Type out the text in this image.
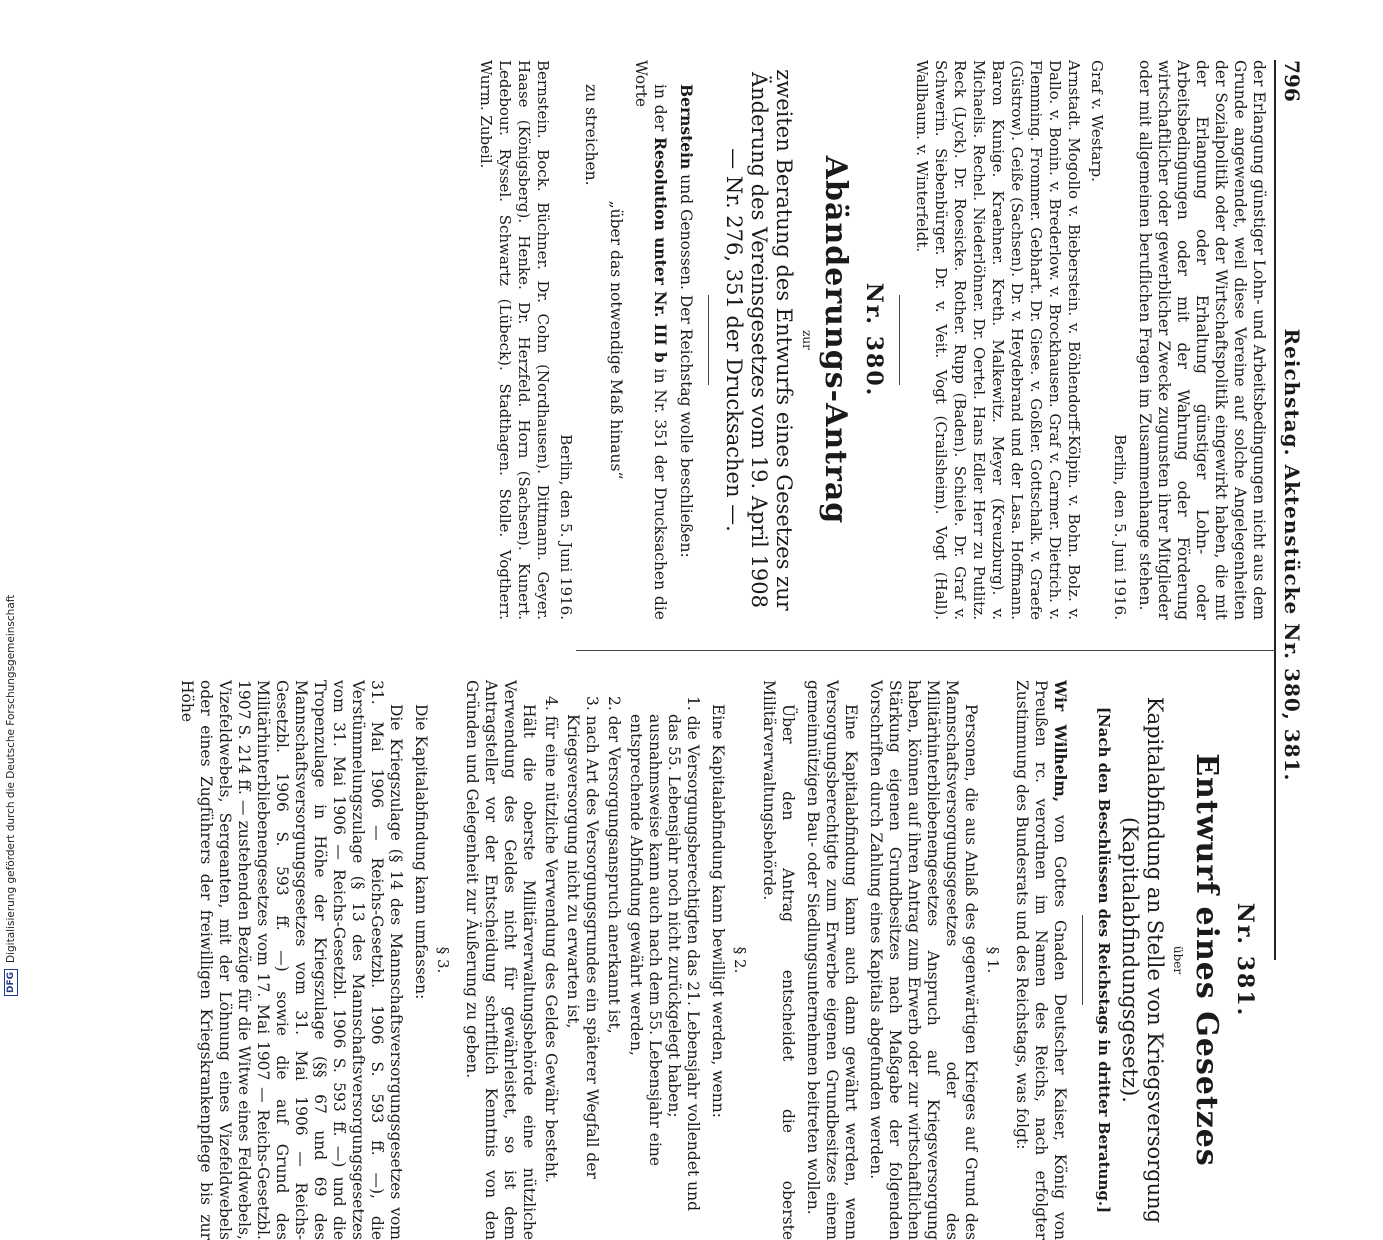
DFG
Digitalisierung gefördert durch die Deutsche Forschungsgemeinschaft
796
Reichstag. Aktenstücke Nr. 380, 381.

der Erlangung günstiger Lohn- und Arbeitsbedingungen nicht aus dem Grunde angewendet, weil diese Vereine auf solche Angelegenheiten der Sozialpolitik oder der Wirtschaftspolitik eingewirkt haben, die mit der Erlangung oder Erhaltung günstiger Lohn- oder Arbeitsbedingungen oder mit der Wahrung oder Förderung wirtschaftlicher oder gewerblicher Zwecke zugunsten ihrer Mitglieder oder mit allgemeinen beruflichen Fragen im Zusammenhange stehen.

Berlin, den 5. Juni 1916.

Graf v. Westarp.

Arnstadt. Mogollo v. Bieberstein. v. Böhlendorff-Kölpin. v. Bohn. Bolz. v. Dallo. v. Bonin. v. Brederlow. v. Brockhausen. Graf v. Carmer. Dietrich. v. Flemming. Frommer. Gebhart. Dr. Giese. v. Goßler. Gottschalk. v. Graefe (Güstrow). Geiße (Sachsen). Dr. v. Heydebrand und der Lasa. Hoffmann. Baron Kunige. Kraehner. Kreth. Malkewitz. Meyer (Kreuzburg). v. Michaelis. Rechel. Niederlöhner. Dr. Oertel. Hans Edler Herr zu Putlitz. Reck (Lyck). Dr. Roesicke. Rother. Rupp (Baden). Schiele. Dr. Graf v. Schwerin. Siebenbürger. Dr. v. Veit. Vogt (Crailsheim). Vogt (Hall). Wallbaum. v. Winterfeldt.

Nr. 380.
Abänderungs-Antrag
zur
zweiten Beratung des Entwurfs eines Gesetzes zur Änderung des Vereinsgesetzes vom 19. April 1908 — Nr. 276, 351 der Drucksachen —.

Bernstein und Genossen. Der Reichstag wolle beschließen:

in der Resolution unter Nr. III b in Nr. 351 der Drucksachen die Worte

„über das notwendige Maß hinaus“

zu streichen.

Berlin, den 5. Juni 1916.

Bernstein. Bock. Büchner. Dr. Cohn (Nordhausen). Dittmann. Geyer. Haase (Königsberg). Henke. Dr. Herzfeld. Horn (Sachsen). Kunert. Ledebour. Ryssel. Schwartz (Lübeck). Stadthagen. Stolle. Vogtherr. Wurm. Zubeil.

Nr. 381.
Entwurf eines Gesetzes
über
Kapitalabfindung an Stelle von Kriegsversorgung (Kapitalabfindungsgesetz).
[Nach den Beschlüssen des Reichstags in dritter Beratung.]

Wir Wilhelm, von Gottes Gnaden Deutscher Kaiser, König von Preußen rc. verordnen im Namen des Reichs, nach erfolgter Zustimmung des Bundesrats und des Reichstags, was folgt:

§ 1.

Personen, die aus Anlaß des gegenwärtigen Krieges auf Grund des Mannschaftsversorgungsgesetzes oder des Militärhinterbliebenengesetzes Anspruch auf Kriegsversorgung haben, können auf ihren Antrag zum Erwerb oder zur wirtschaftlichen Stärkung eigenen Grundbesitzes nach Maßgabe der folgenden Vorschriften durch Zahlung eines Kapitals abgefunden werden.

Eine Kapitalabfindung kann auch dann gewährt werden, wenn Versorgungsberechtigte zum Erwerbe eigenen Grundbesitzes einem gemeinnützigen Bau- oder Siedlungsunternehmen beitreten wollen.

Über den Antrag entscheidet die oberste Militärverwaltungsbehörde.

§ 2.

Eine Kapitalabfindung kann bewilligt werden, wenn:

1. die Versorgungsberechtigten das 21. Lebensjahr vollendet und das 55. Lebensjahr noch nicht zurückgelegt haben; ausnahmsweise kann auch nach dem 55. Lebensjahr eine entsprechende Abfindung gewährt werden,

2. der Versorgungsanspruch anerkannt ist,

3. nach Art des Versorgungsgrundes ein späterer Wegfall der Kriegsversorgung nicht zu erwarten ist,

4. für eine nützliche Verwendung des Geldes Gewähr besteht.

Hält die oberste Militärverwaltungsbehörde eine nützliche Verwendung des Geldes nicht für gewährleistet, so ist dem Antragsteller vor der Entscheidung schriftlich Kenntnis von den Gründen und Gelegenheit zur Äußerung zu geben.

§ 3.

Die Kapitalabfindung kann umfassen:

Die Kriegszulage (§ 14 des Mannschaftsversorgungsgesetzes vom 31. Mai 1906 — Reichs-Gesetzbl. 1906 S. 593 ff. —), die Verstümmelungszulage (§ 13 des Mannschaftsversorgungsgesetzes vom 31. Mai 1906 — Reichs-Gesetzbl. 1906 S. 593 ff. —) und die Tropenzulage in Höhe der Kriegszulage (§§ 67 und 69 des Mannschaftsversorgungsgesetzes vom 31. Mai 1906 — Reichs-Gesetzbl. 1906 S. 593 ff. —) sowie die auf Grund des Militärhinterbliebenengesetzes vom 17. Mai 1907 — Reichs-Gesetzbl. 1907 S. 214 ff. — zustehenden Bezüge für die Witwe eines Feldwebels, Vizefeldwebels, Sergeanten, mit der Löhnung eines Vizefeldwebels oder eines Zugführers der freiwilligen Kriegskrankenpflege bis zur Höhe
